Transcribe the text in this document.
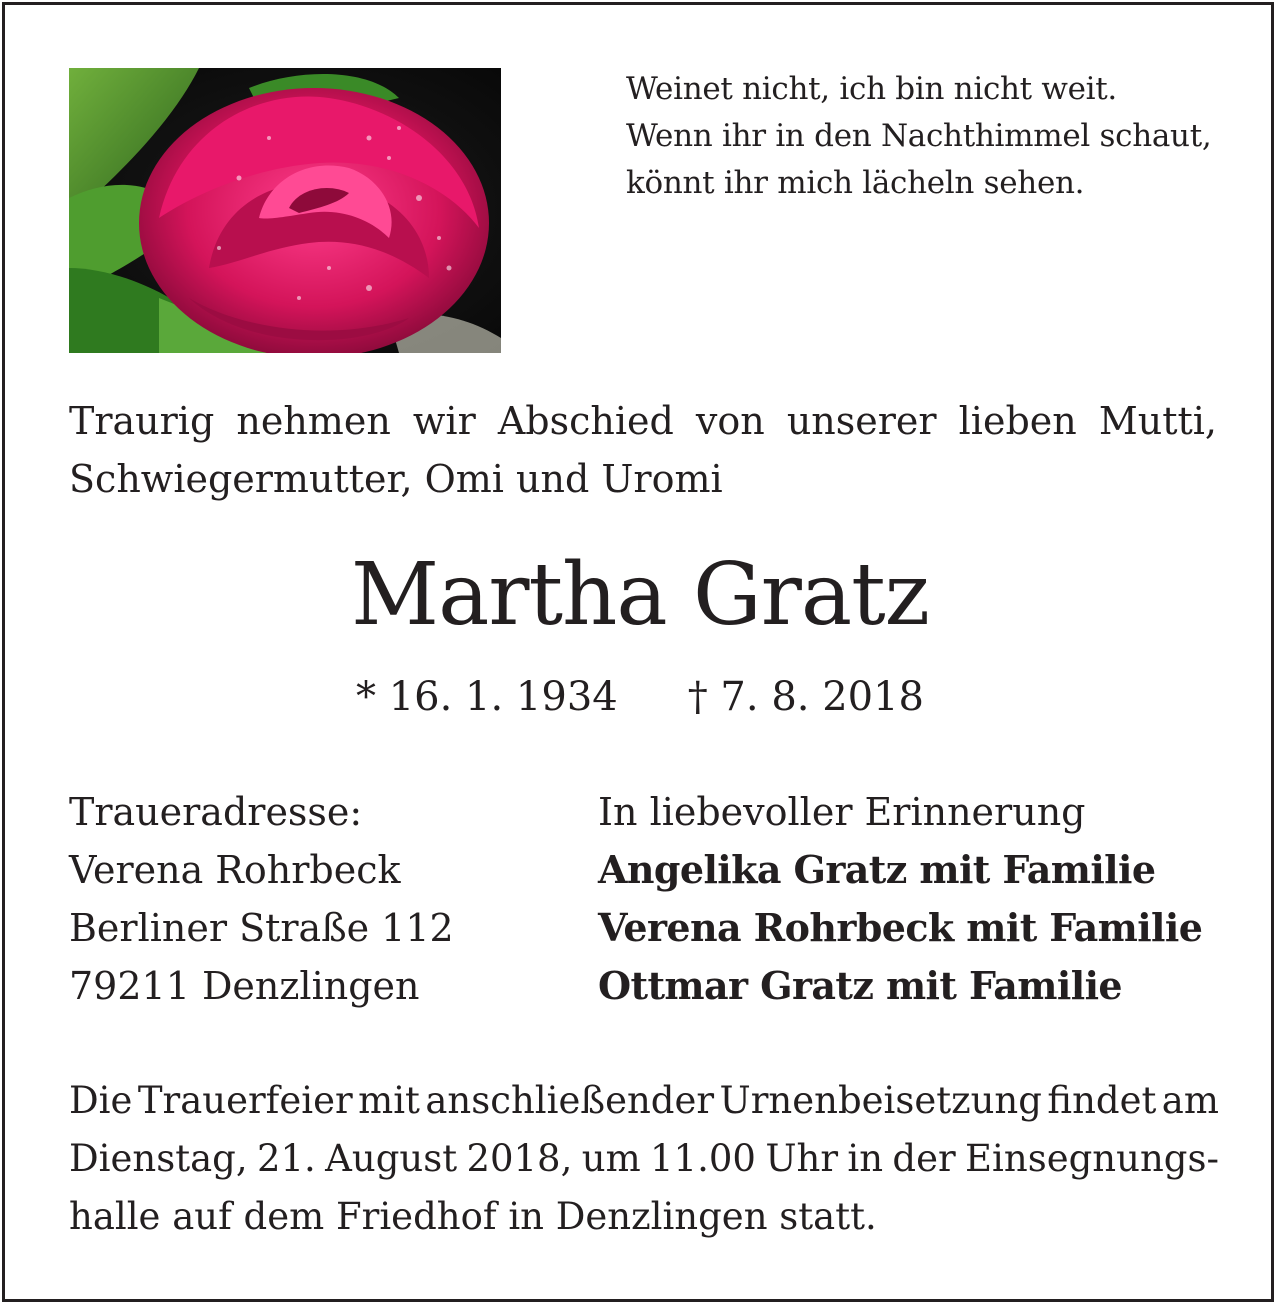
Weinet nicht, ich bin nicht weit.
Wenn ihr in den Nachthimmel schaut,
könnt ihr mich lächeln sehen.
Traurig nehmen wir Abschied von unserer lieben Mutti,
Schwiegermutter, Omi und Uromi
Martha Gratz
* 16. 1. 1934 † 7. 8. 2018
Traueradresse:
Verena Rohrbeck
Berliner Straße 112
79211 Denzlingen
In liebevoller Erinnerung
Angelika Gratz mit Familie
Verena Rohrbeck mit Familie
Ottmar Gratz mit Familie
Die Trauerfeier mit anschließender Urnenbeisetzung findet am
Dienstag, 21. August 2018, um 11.00 Uhr in der Einsegnungs-
halle auf dem Friedhof in Denzlingen statt.
